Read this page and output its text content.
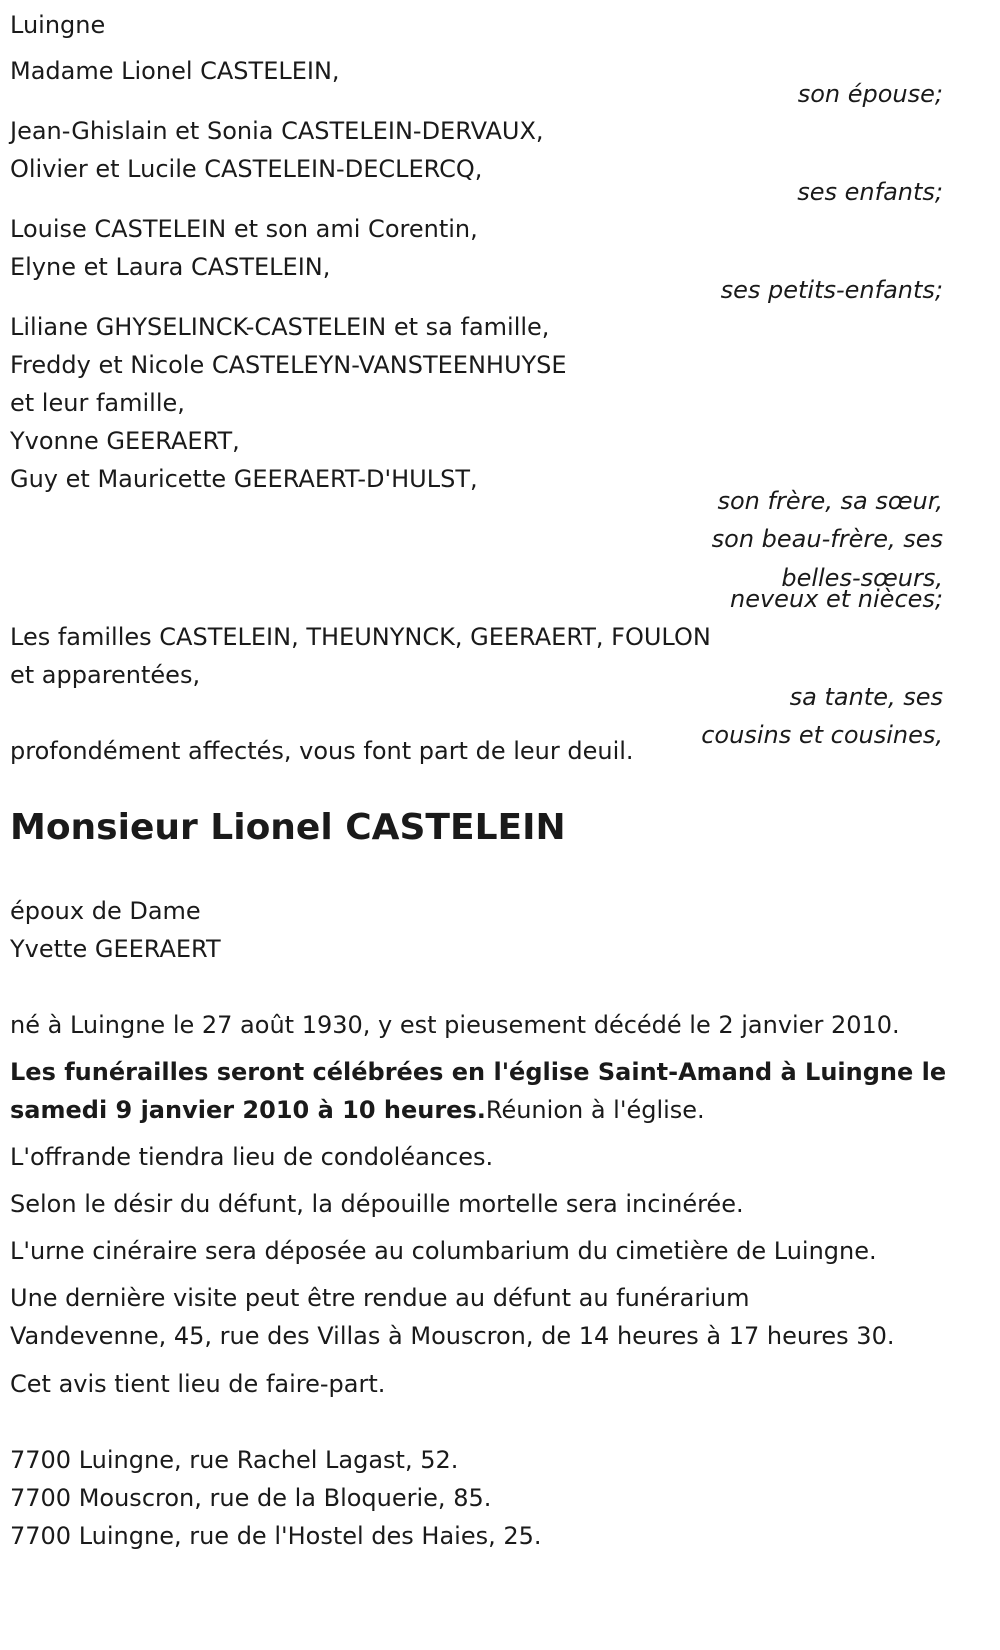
Luingne
Madame Lionel CASTELEIN,
son épouse;
Jean-Ghislain et Sonia CASTELEIN-DERVAUX,
Olivier et Lucile CASTELEIN-DECLERCQ,
ses enfants;
Louise CASTELEIN et son ami Corentin,
Elyne et Laura CASTELEIN,
ses petits-enfants;
Liliane GHYSELINCK-CASTELEIN et sa famille,
Freddy et Nicole CASTELEYN-VANSTEENHUYSE
et leur famille,
Yvonne GEERAERT,
Guy et Mauricette GEERAERT-D'HULST,
son frère, sa sœur,
son beau-frère, ses
belles-sœurs,
neveux et nièces;
Les familles CASTELEIN, THEUNYNCK, GEERAERT, FOULON
et apparentées,
sa tante, ses
cousins et cousines,
profondément affectés, vous font part de leur deuil.
Monsieur Lionel CASTELEIN
époux de Dame
Yvette GEERAERT
né à Luingne le 27 août 1930, y est pieusement décédé le 2 janvier 2010.
Les funérailles seront célébrées en l'église Saint-Amand à Luingne le
samedi 9 janvier 2010 à 10 heures.Réunion à l'église.
L'offrande tiendra lieu de condoléances.
Selon le désir du défunt, la dépouille mortelle sera incinérée.
L'urne cinéraire sera déposée au columbarium du cimetière de Luingne.
Une dernière visite peut être rendue au défunt au funérarium
Vandevenne, 45, rue des Villas à Mouscron, de 14 heures à 17 heures 30.
Cet avis tient lieu de faire-part.
7700 Luingne, rue Rachel Lagast, 52.
7700 Mouscron, rue de la Bloquerie, 85.
7700 Luingne, rue de l'Hostel des Haies, 25.
